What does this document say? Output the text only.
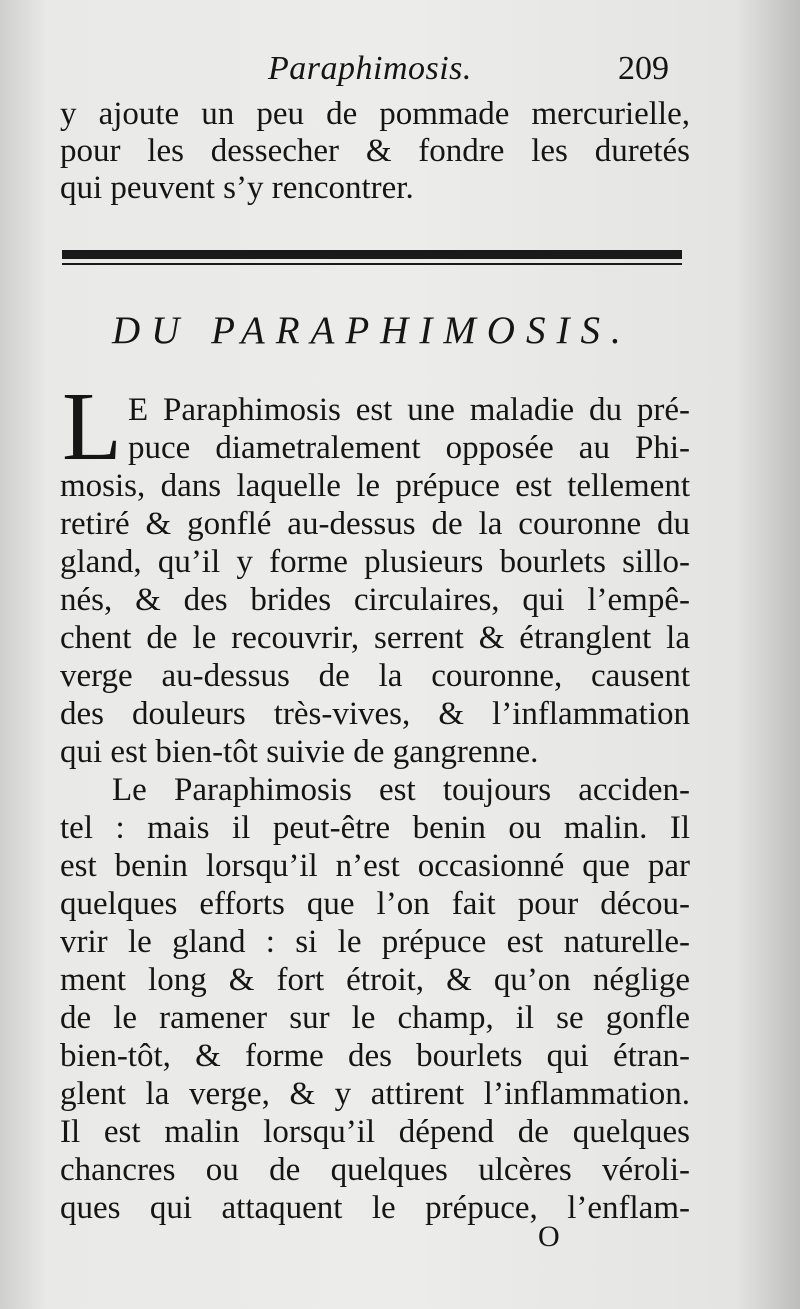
Paraphimosis.	209
y ajoute un peu de pommade mercurielle,
pour les dessecher & fondre les duretés
qui peuvent s’y rencontrer.
DU PARAPHIMOSIS.
L E Paraphimosis est une maladie du pré-
puce diametralement opposée au Phi-
mosis, dans laquelle le prépuce est tellement
retiré & gonflé au-dessus de la couronne du
gland, qu’il y forme plusieurs bourlets sillo-
nés, & des brides circulaires, qui l’empê-
chent de le recouvrir, serrent & étranglent la
verge au-dessus de la couronne, causent
des douleurs très-vives, & l’inflammation
qui est bien-tôt suivie de gangrenne.
Le Paraphimosis est toujours acciden-
tel : mais il peut-être benin ou malin. Il
est benin lorsqu’il n’est occasionné que par
quelques efforts que l’on fait pour décou-
vrir le gland : si le prépuce est naturelle-
ment long & fort étroit, & qu’on néglige
de le ramener sur le champ, il se gonfle
bien-tôt, & forme des bourlets qui étran-
glent la verge, & y attirent l’inflammation.
Il est malin lorsqu’il dépend de quelques
chancres ou de quelques ulcères véroli-
ques qui attaquent le prépuce, l’enflam-
O
